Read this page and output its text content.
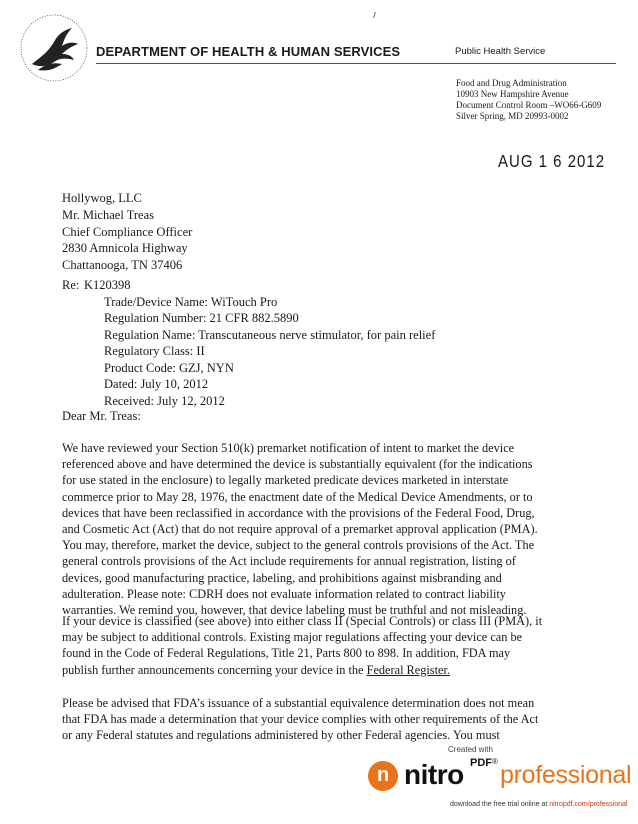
DEPARTMENT OF HEALTH & HUMAN SERVICES	Public Health Service
Food and Drug Administration
10903 New Hampshire Avenue
Document Control Room –WO66-G609
Silver Spring, MD 20993-0002
AUG 1 6 2012
Hollywog, LLC
Mr. Michael Treas
Chief Compliance Officer
2830 Amnicola Highway
Chattanooga, TN 37406
Re: K120398
Trade/Device Name: WiTouch Pro
Regulation Number: 21 CFR 882.5890
Regulation Name: Transcutaneous nerve stimulator, for pain relief
Regulatory Class: II
Product Code: GZJ, NYN
Dated: July 10, 2012
Received: July 12, 2012
Dear Mr. Treas:
We have reviewed your Section 510(k) premarket notification of intent to market the device
referenced above and have determined the device is substantially equivalent (for the indications
for use stated in the enclosure) to legally marketed predicate devices marketed in interstate
commerce prior to May 28, 1976, the enactment date of the Medical Device Amendments, or to
devices that have been reclassified in accordance with the provisions of the Federal Food, Drug,
and Cosmetic Act (Act) that do not require approval of a premarket approval application (PMA).
You may, therefore, market the device, subject to the general controls provisions of the Act. The
general controls provisions of the Act include requirements for annual registration, listing of
devices, good manufacturing practice, labeling, and prohibitions against misbranding and
adulteration. Please note: CDRH does not evaluate information related to contract liability
warranties. We remind you, however, that device labeling must be truthful and not misleading.
If your device is classified (see above) into either class II (Special Controls) or class III (PMA), it
may be subject to additional controls. Existing major regulations affecting your device can be
found in the Code of Federal Regulations, Title 21, Parts 800 to 898. In addition, FDA may
publish further announcements concerning your device in the Federal Register.
Please be advised that FDA’s issuance of a substantial equivalence determination does not mean
that FDA has made a determination that your device complies with other requirements of the Act
or any Federal statutes and regulations administered by other Federal agencies. You must
Created with
n nitro PDF ® professional
download the free trial online at nitropdf.com/professional
